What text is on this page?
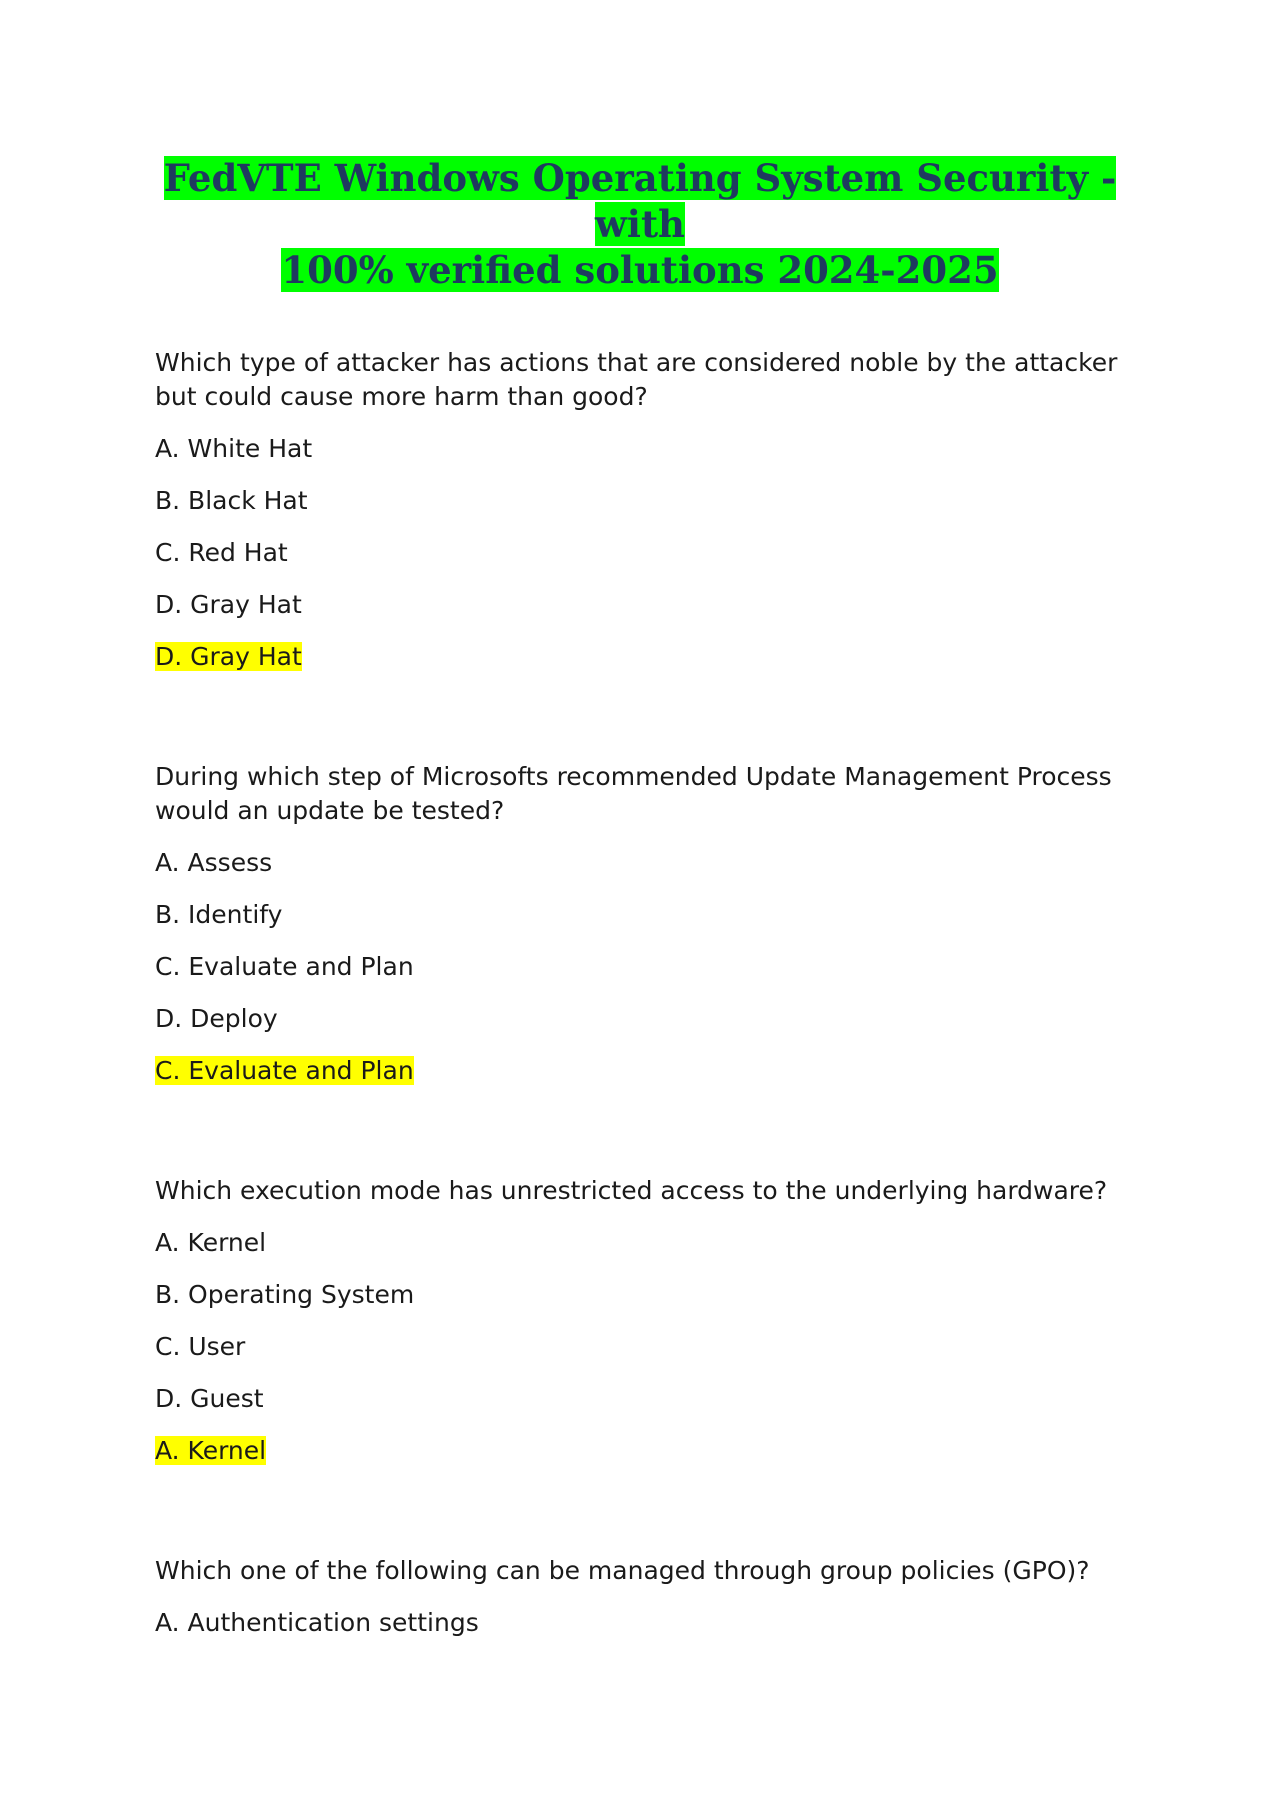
FedVTE Windows Operating System Security -with
100% verified solutions 2024-2025
Which type of attacker has actions that are considered noble by the attacker but could cause more harm than good?
A. White Hat
B. Black Hat
C. Red Hat
D. Gray Hat
D. Gray Hat
During which step of Microsofts recommended Update Management Process would an update be tested?
A. Assess
B. Identify
C. Evaluate and Plan
D. Deploy
C. Evaluate and Plan
Which execution mode has unrestricted access to the underlying hardware?
A. Kernel
B. Operating System
C. User
D. Guest
A. Kernel
Which one of the following can be managed through group policies (GPO)?
A. Authentication settings
